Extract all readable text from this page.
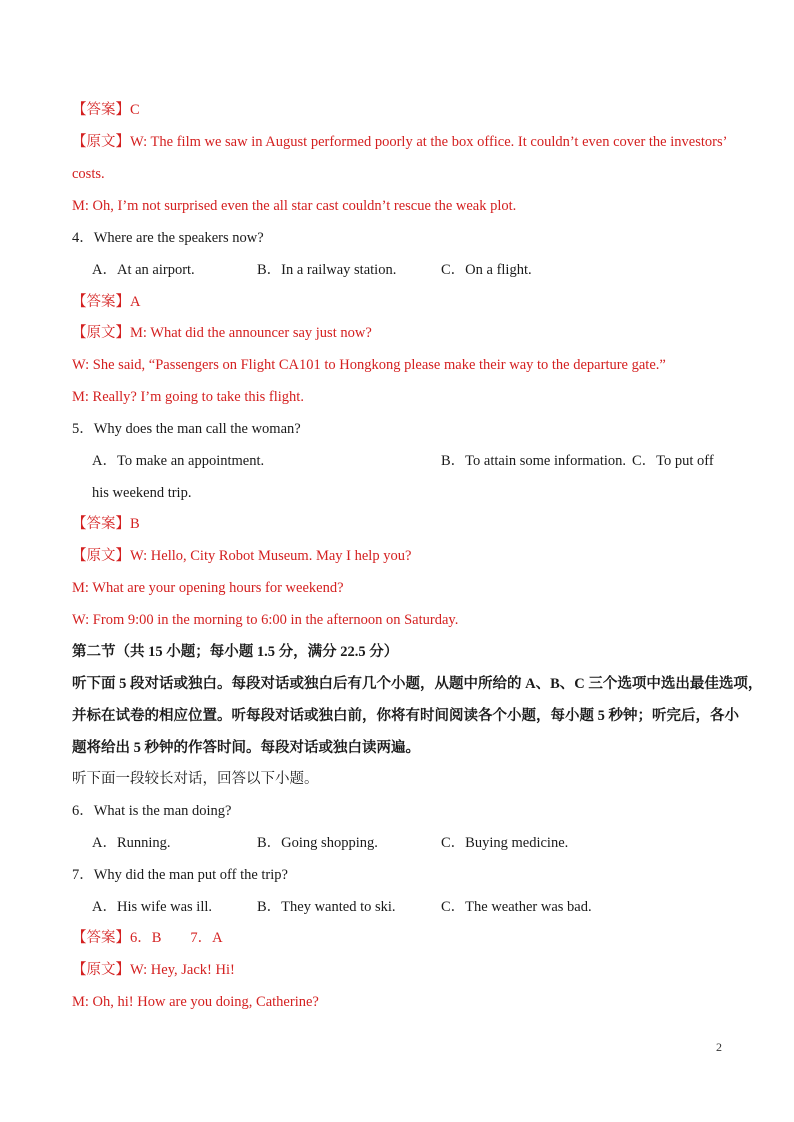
【答案】C
【原文】W: The film we saw in August performed poorly at the box office. It couldn’t even cover the investors’
costs.
M: Oh, I’m not surprised even the all star cast couldn’t rescue the weak plot.
4．Where are the speakers now?
A．At an airport.	B．In a railway station.	C．On a flight.
【答案】A
【原文】M: What did the announcer say just now?
W: She said, “Passengers on Flight CA101 to Hongkong please make their way to the departure gate.”
M: Really? I’m going to take this flight.
5．Why does the man call the woman?
A．To make an appointment.	B．To attain some information. C．To put off
his weekend trip.
【答案】B
【原文】W: Hello, City Robot Museum. May I help you?
M: What are your opening hours for weekend?
W: From 9:00 in the morning to 6:00 in the afternoon on Saturday.
第二节（共 15 小题；每小题 1.5 分，满分 22.5 分）
听下面 5 段对话或独白。每段对话或独白后有几个小题，从题中所给的 A、B、C 三个选项中选出最佳选项，
并标在试卷的相应位置。听每段对话或独白前，你将有时间阅读各个小题，每小题 5 秒钟；听完后，各小
题将给出 5 秒钟的作答时间。每段对话或独白读两遍。
听下面一段较长对话，回答以下小题。
6．What is the man doing?
A．Running.	B．Going shopping.	C．Buying medicine.
7．Why did the man put off the trip?
A．His wife was ill.	B．They wanted to ski.	C．The weather was bad.
【答案】6．B　　7．A
【原文】W: Hey, Jack! Hi!
M: Oh, hi! How are you doing, Catherine?
2
